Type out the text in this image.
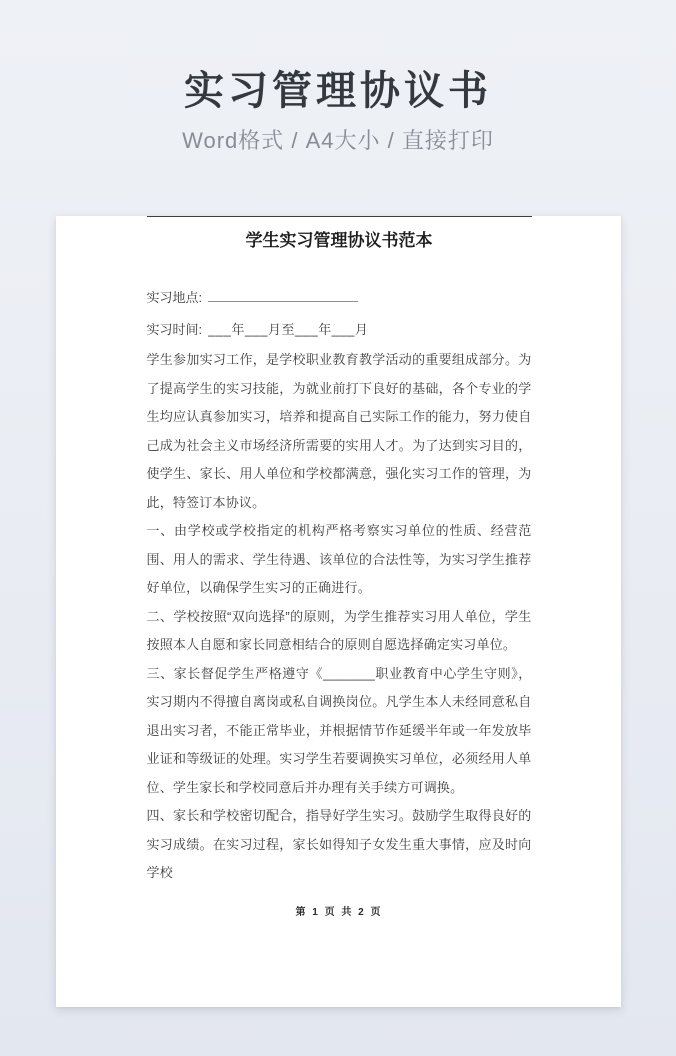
实习管理协议书
Word格式 / A4大小 / 直接打印
学生实习管理协议书范本
实习地点:
实习时间: ___年___月至___年___月

学生参加实习工作，是学校职业教育教学活动的重要组成部分。为了提高学生的实习技能，为就业前打下良好的基础，各个专业的学生均应认真参加实习，培养和提高自己实际工作的能力，努力使自己成为社会主义市场经济所需要的实用人才。为了达到实习目的，使学生、家长、用人单位和学校都满意，强化实习工作的管理，为此，特签订本协议。

一、由学校或学校指定的机构严格考察实习单位的性质、经营范围、用人的需求、学生待遇、该单位的合法性等，为实习学生推荐好单位，以确保学生实习的正确进行。

二、学校按照“双向选择”的原则，为学生推荐实习用人单位，学生按照本人自愿和家长同意相结合的原则自愿选择确定实习单位。

三、家长督促学生严格遵守《_______职业教育中心学生守则》，实习期内不得擅自离岗或私自调换岗位。凡学生本人未经同意私自退出实习者，不能正常毕业，并根据情节作延缓半年或一年发放毕业证和等级证的处理。实习学生若要调换实习单位，必须经用人单位、学生家长和学校同意后并办理有关手续方可调换。

四、家长和学校密切配合，指导好学生实习。鼓励学生取得良好的实习成绩。在实习过程，家长如得知子女发生重大事情，应及时向学校

第 1 页 共 2 页
